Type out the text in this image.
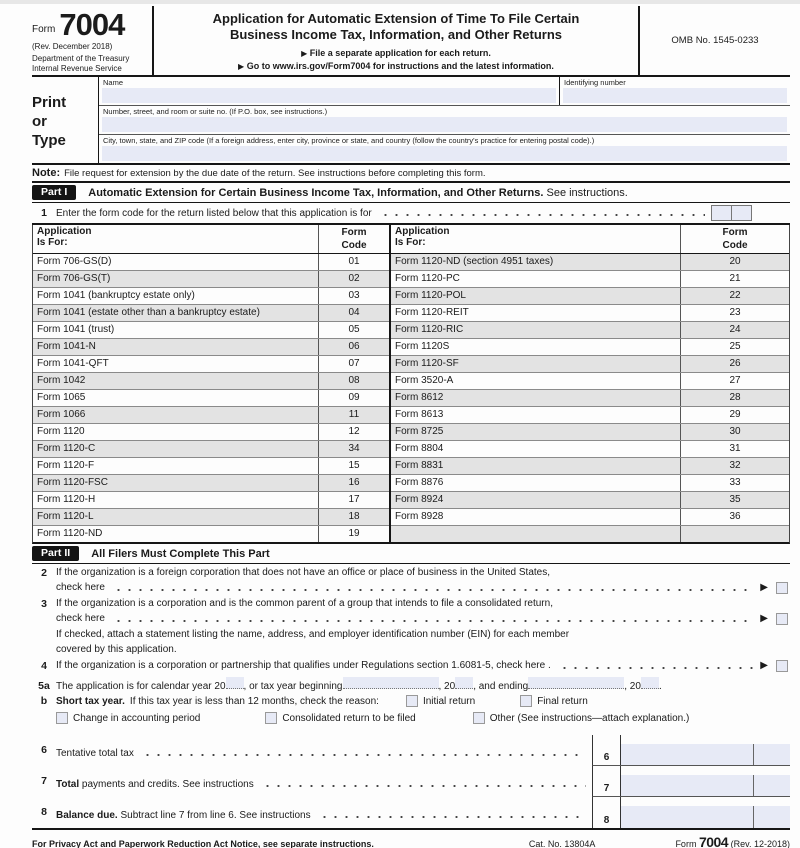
Form 7004
(Rev. December 2018)
Department of the Treasury
Internal Revenue Service
Application for Automatic Extension of Time To File Certain
Business Income Tax, Information, and Other Returns
▶ File a separate application for each return.
▶ Go to www.irs.gov/Form7004 for instructions and the latest information.
OMB No. 1545-0233
Print
or
Type
Name	Identifying number
Number, street, and room or suite no. (If P.O. box, see instructions.)
City, town, state, and ZIP code (If a foreign address, enter city, province or state, and country (follow the country's practice for entering postal code).)
Note: File request for extension by the due date of the return. See instructions before completing this form.
Part I	Automatic Extension for Certain Business Income Tax, Information, and Other Returns. See instructions.
1 Enter the form code for the return listed below that this application is for
Application
Is For:
Form
Code
Form 706-GS(D)	01
Form 706-GS(T)	02
Form 1041 (bankruptcy estate only)	03
Form 1041 (estate other than a bankruptcy estate)	04
Form 1041 (trust)	05
Form 1041-N	06
Form 1041-QFT	07
Form 1042	08
Form 1065	09
Form 1066	11
Form 1120	12
Form 1120-C	34
Form 1120-F	15
Form 1120-FSC	16
Form 1120-H	17
Form 1120-L	18
Form 1120-ND	19
Application
Is For:
Form
Code
Form 1120-ND (section 4951 taxes)	20
Form 1120-PC	21
Form 1120-POL	22
Form 1120-REIT	23
Form 1120-RIC	24
Form 1120S	25
Form 1120-SF	26
Form 3520-A	27
Form 8612	28
Form 8613	29
Form 8725	30
Form 8804	31
Form 8831	32
Form 8876	33
Form 8924	35
Form 8928	36
Part II	All Filers Must Complete This Part
2 If the organization is a foreign corporation that does not have an office or place of business in the United States,
check here	▶
3 If the organization is a corporation and is the common parent of a group that intends to file a consolidated return,
check here	▶
If checked, attach a statement listing the name, address, and employer identification number (EIN) for each member
covered by this application.
4 If the organization is a corporation or partnership that qualifies under Regulations section 1.6081-5, check here .	▶
5a The application is for calendar year 20 , or tax year beginning	, 20 , and ending	, 20 .
b Short tax year. If this tax year is less than 12 months, check the reason:	Initial return	Final return
Change in accounting period	Consolidated return to be filed	Other (See instructions—attach explanation.)
6 Tentative total tax	6
7 Total payments and credits. See instructions	7
8 Balance due. Subtract line 7 from line 6. See instructions	8
For Privacy Act and Paperwork Reduction Act Notice, see separate instructions.	Cat. No. 13804A	Form 7004 (Rev. 12-2018)
